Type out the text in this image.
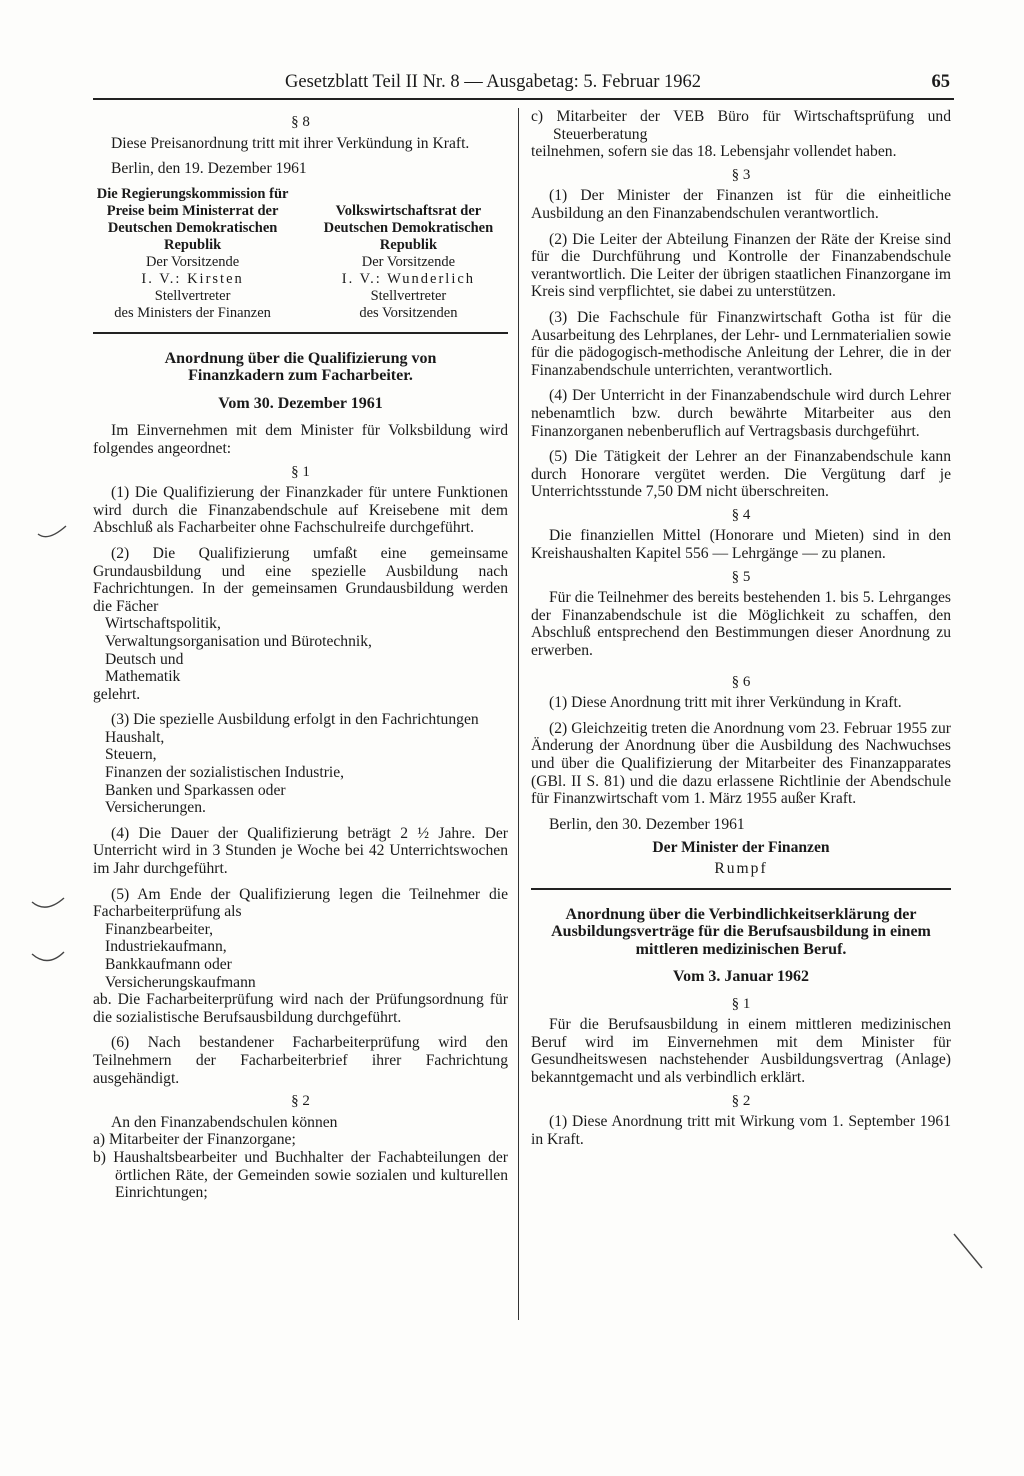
Gesetzblatt Teil II Nr. 8 — Ausgabetag: 5. Februar 1962	65
§ 8

Diese Preisanordnung tritt mit ihrer Verkündung in Kraft.

Berlin, den 19. Dezember 1961

Die Regierungskommission für Preise beim Ministerrat der Deutschen Demokratischen Republik
Der Vorsitzende
I. V.: Kirsten
Stellvertreter
des Ministers der Finanzen
Volkswirtschaftsrat der Deutschen Demokratischen Republik
Der Vorsitzende
I. V.: Wunderlich
Stellvertreter
des Vorsitzenden
Anordnung über die Qualifizierung von Finanzkadern zum Facharbeiter.
Vom 30. Dezember 1961

Im Einvernehmen mit dem Minister für Volksbildung wird folgendes angeordnet:

§ 1

(1) Die Qualifizierung der Finanzkader für untere Funktionen wird durch die Finanzabendschule auf Kreisebene mit dem Abschluß als Facharbeiter ohne Fachschulreife durchgeführt.

(2) Die Qualifizierung umfaßt eine gemeinsame Grundausbildung und eine spezielle Ausbildung nach Fachrichtungen. In der gemeinsamen Grundausbildung werden die Fächer

Wirtschaftspolitik,
Verwaltungsorganisation und Bürotechnik,
Deutsch und
Mathematik

gelehrt.

(3) Die spezielle Ausbildung erfolgt in den Fachrichtungen

Haushalt,
Steuern,
Finanzen der sozialistischen Industrie,
Banken und Sparkassen oder
Versicherungen.

(4) Die Dauer der Qualifizierung beträgt 2 ½ Jahre. Der Unterricht wird in 3 Stunden je Woche bei 42 Unterrichtswochen im Jahr durchgeführt.

(5) Am Ende der Qualifizierung legen die Teilnehmer die Facharbeiterprüfung als

Finanzbearbeiter,
Industriekaufmann,
Bankkaufmann oder
Versicherungskaufmann

ab. Die Facharbeiterprüfung wird nach der Prüfungsordnung für die sozialistische Berufsausbildung durchgeführt.

(6) Nach bestandener Facharbeiterprüfung wird den Teilnehmern der Facharbeiterbrief ihrer Fachrichtung ausgehändigt.

§ 2

An den Finanzabendschulen können

a) Mitarbeiter der Finanzorgane;
b) Haushaltsbearbeiter und Buchhalter der Fachabteilungen der örtlichen Räte, der Gemeinden sowie sozialen und kulturellen Einrichtungen;
c) Mitarbeiter der VEB Büro für Wirtschaftsprüfung und Steuerberatung

teilnehmen, sofern sie das 18. Lebensjahr vollendet haben.

§ 3

(1) Der Minister der Finanzen ist für die einheitliche Ausbildung an den Finanzabendschulen verantwortlich.

(2) Die Leiter der Abteilung Finanzen der Räte der Kreise sind für die Durchführung und Kontrolle der Finanzabendschule verantwortlich. Die Leiter der übrigen staatlichen Finanzorgane im Kreis sind verpflichtet, sie dabei zu unterstützen.

(3) Die Fachschule für Finanzwirtschaft Gotha ist für die Ausarbeitung des Lehrplanes, der Lehr- und Lernmaterialien sowie für die pädogogisch-methodische Anleitung der Lehrer, die in der Finanzabendschule unterrichten, verantwortlich.

(4) Der Unterricht in der Finanzabendschule wird durch Lehrer nebenamtlich bzw. durch bewährte Mitarbeiter aus den Finanzorganen nebenberuflich auf Vertragsbasis durchgeführt.

(5) Die Tätigkeit der Lehrer an der Finanzabendschule kann durch Honorare vergütet werden. Die Vergütung darf je Unterrichtsstunde 7,50 DM nicht überschreiten.

§ 4

Die finanziellen Mittel (Honorare und Mieten) sind in den Kreishaushalten Kapitel 556 — Lehrgänge — zu planen.

§ 5

Für die Teilnehmer des bereits bestehenden 1. bis 5. Lehrganges der Finanzabendschule ist die Möglichkeit zu schaffen, den Abschluß entsprechend den Bestimmungen dieser Anordnung zu erwerben.

§ 6

(1) Diese Anordnung tritt mit ihrer Verkündung in Kraft.

(2) Gleichzeitig treten die Anordnung vom 23. Februar 1955 zur Änderung der Anordnung über die Ausbildung des Nachwuchses und über die Qualifizierung der Mitarbeiter des Finanzapparates (GBl. II S. 81) und die dazu erlassene Richtlinie der Abendschule für Finanzwirtschaft vom 1. März 1955 außer Kraft.

Berlin, den 30. Dezember 1961

Der Minister der Finanzen
Rumpf
Anordnung über die Verbindlichkeitserklärung der Ausbildungsverträge für die Berufsausbildung in einem mittleren medizinischen Beruf.
Vom 3. Januar 1962
§ 1

Für die Berufsausbildung in einem mittleren medizinischen Beruf wird im Einvernehmen mit dem Minister für Gesundheitswesen nachstehender Ausbildungsvertrag (Anlage) bekanntgemacht und als verbindlich erklärt.

§ 2

(1) Diese Anordnung tritt mit Wirkung vom 1. September 1961 in Kraft.
